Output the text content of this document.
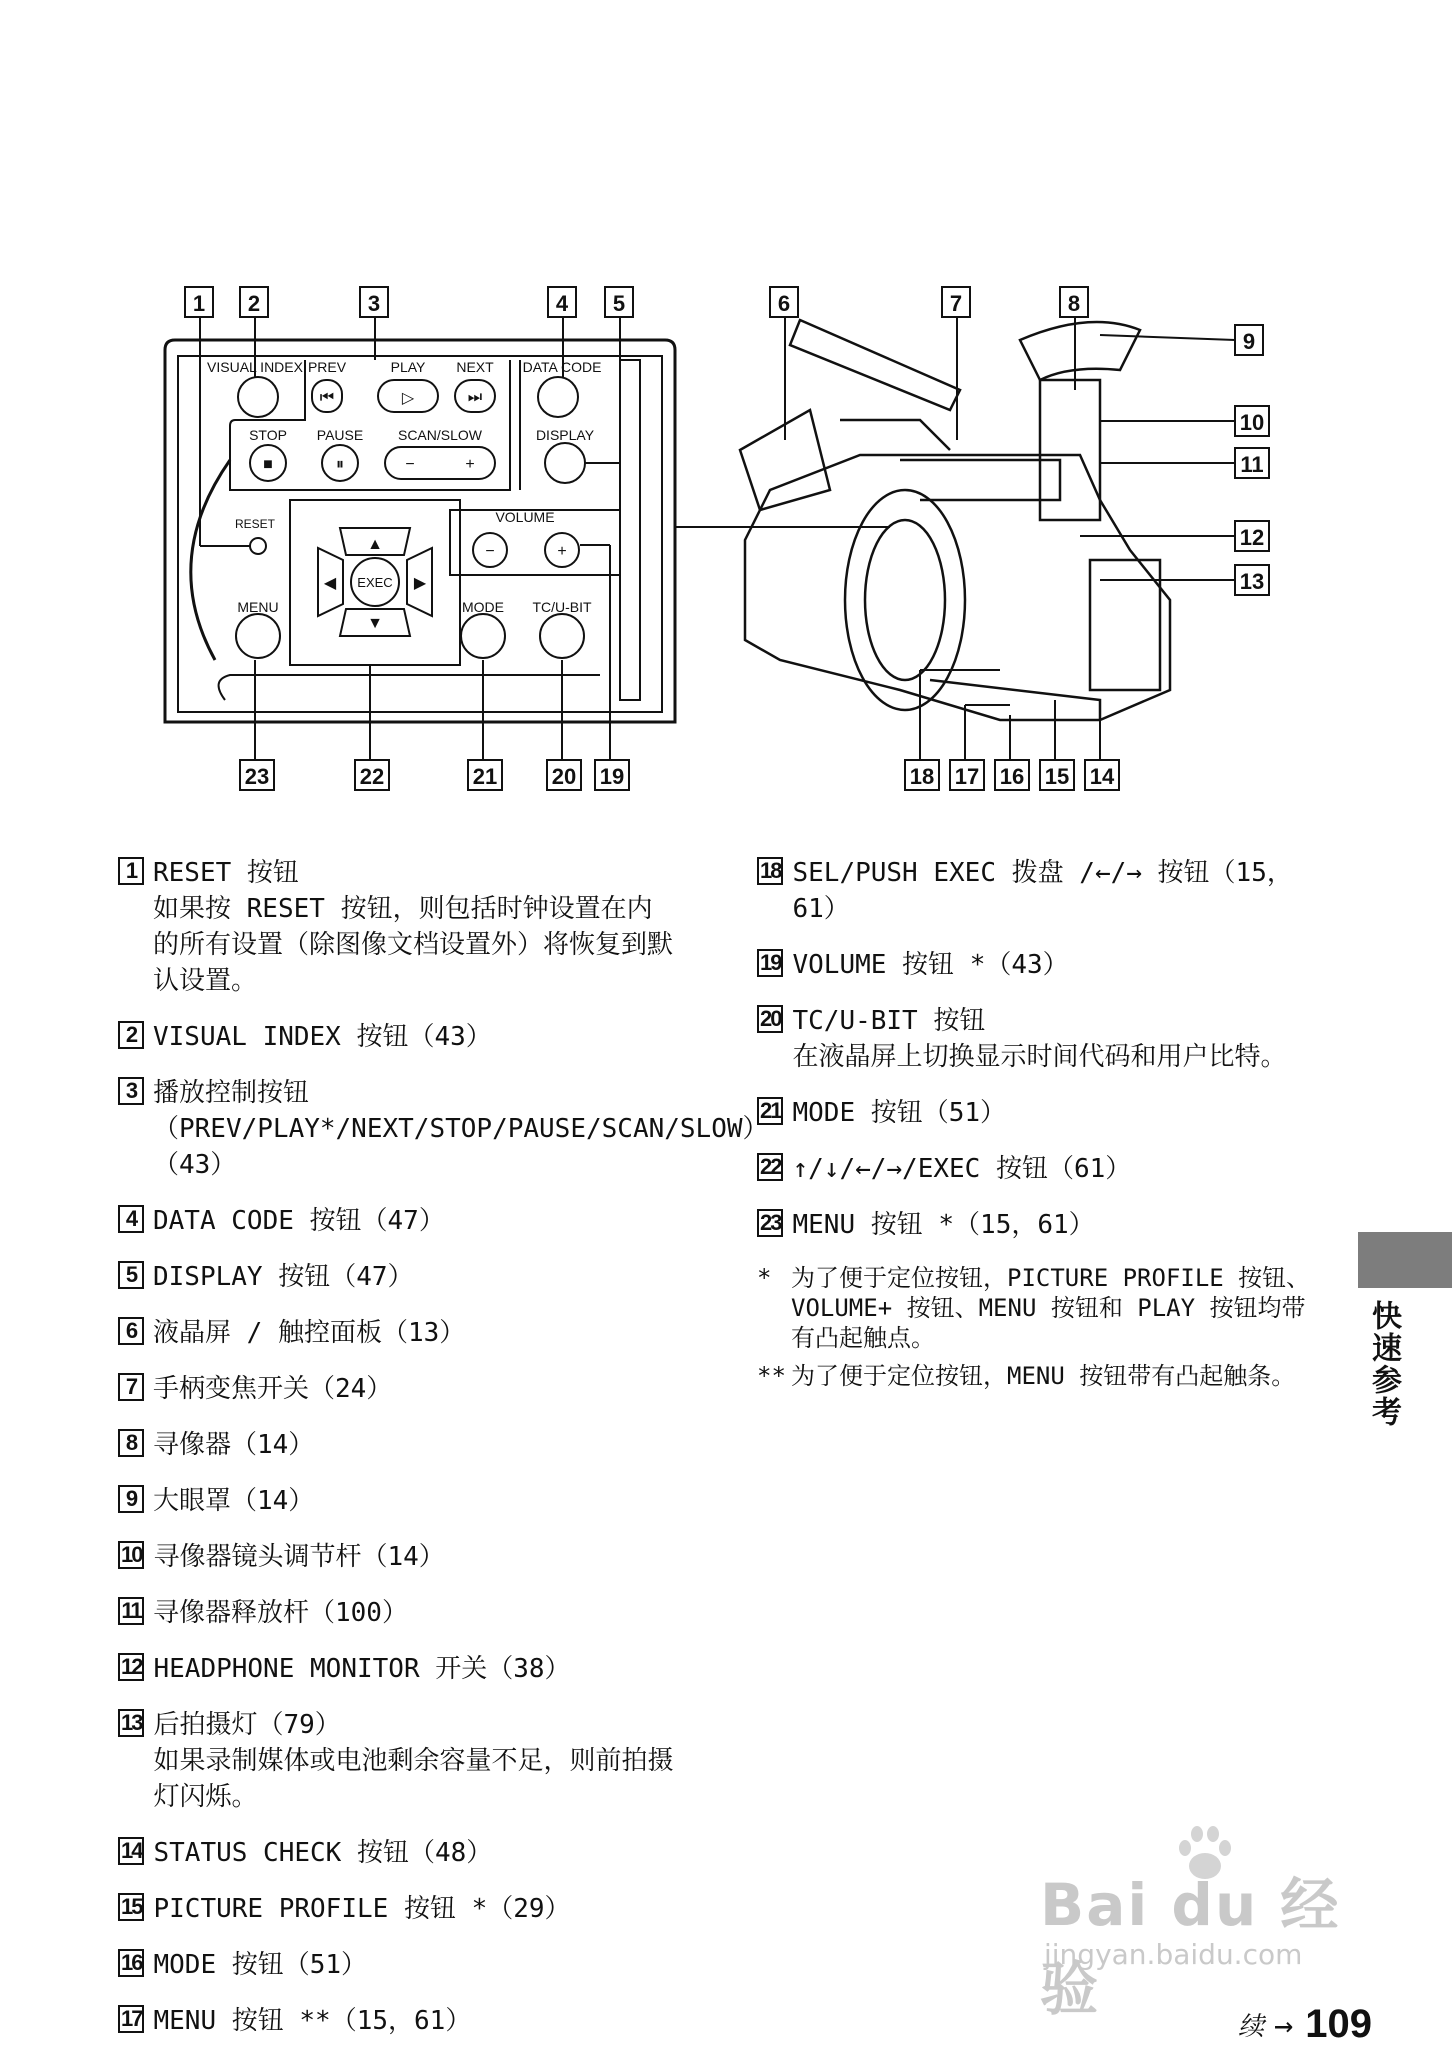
1 2	3	4 5	6	7	8
9
10
11
12
13
14
15
16
17
18
19
20
21
22
23
VISUAL INDEX PREV	PLAY NEXT DATA CODE
STOP PAUSE SCAN/SLOW	DISPLAY
RESET	VOLUME
EXEC
MENU	MODE TC/U-BIT
⏮	▷	⏭
■	⏸	−	+
−	+
▲
▼
◀	▶
1 RESET 按钮
如果按 RESET 按钮，则包括时钟设置在内的所有设置（除图像文档设置外）将恢复到默认设置。
2 VISUAL INDEX 按钮（43）
3 播放控制按钮（PREV/PLAY*/NEXT/STOP/PAUSE/SCAN/SLOW）（43）
4 DATA CODE 按钮（47）
5 DISPLAY 按钮（47）
6 液晶屏 / 触控面板（13）
7 手柄变焦开关（24）
8 寻像器（14）
9 大眼罩（14）
10 寻像器镜头调节杆（14）
11 寻像器释放杆（100）
12 HEADPHONE MONITOR 开关（38）
13 后拍摄灯（79）
如果录制媒体或电池剩余容量不足，则前拍摄灯闪烁。
14 STATUS CHECK 按钮（48）
15 PICTURE PROFILE 按钮 *（29）
16 MODE 按钮（51）
17 MENU 按钮 **（15，61）
18 SEL/PUSH EXEC 拨盘 /←/→ 按钮（15，61）
19 VOLUME 按钮 *（43）
20 TC/U-BIT 按钮
在液晶屏上切换显示时间代码和用户比特。
21 MODE 按钮（51）
22 ↑/↓/←/→/EXEC 按钮（61）
23 MENU 按钮 *（15，61）
* 为了便于定位按钮，PICTURE PROFILE 按钮、VOLUME+ 按钮、MENU 按钮和 PLAY 按钮均带有凸起触点。
** 为了便于定位按钮，MENU 按钮带有凸起触条。 快速参考
Bai du 经验
jingyan.baidu.com
续 → 109
